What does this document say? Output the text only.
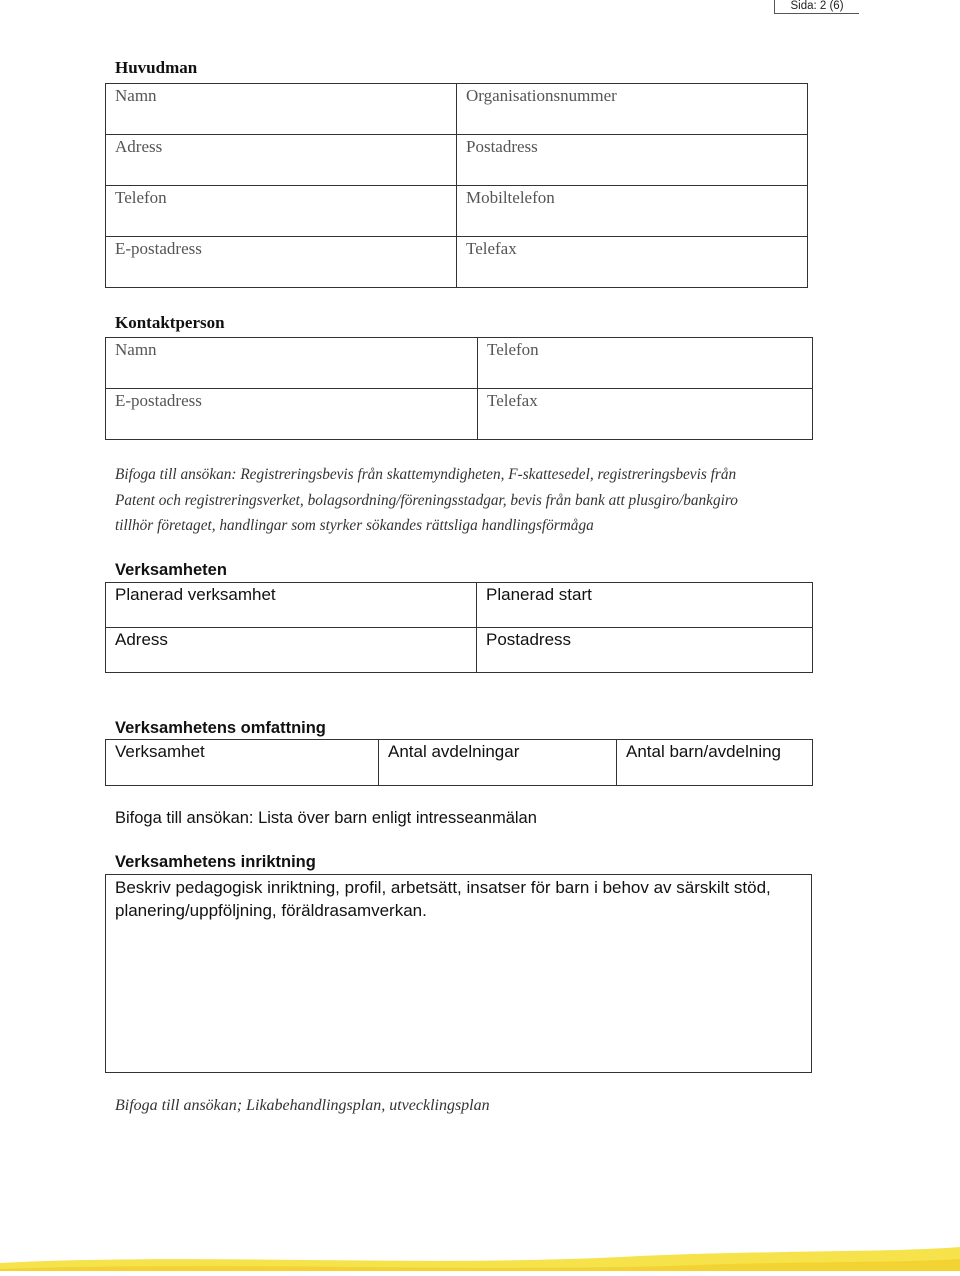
Sida: 2 (6)
Huvudman
Namn	Organisationsnummer
Adress	Postadress
Telefon	Mobiltelefon
E-postadress	Telefax
Kontaktperson
Namn	Telefon
E-postadress	Telefax
Bifoga till ansökan: Registreringsbevis från skattemyndigheten, F-skattesedel, registreringsbevis från
Patent och registreringsverket, bolagsordning/föreningsstadgar, bevis från bank att plusgiro/bankgiro
tillhör företaget, handlingar som styrker sökandes rättsliga handlingsförmåga
Verksamheten
Planerad verksamhet	Planerad start
Adress	Postadress
Verksamhetens omfattning
Verksamhet	Antal avdelningar	Antal barn/avdelning
Bifoga till ansökan: Lista över barn enligt intresseanmälan
Verksamhetens inriktning
Beskriv pedagogisk inriktning, profil, arbetsätt, insatser för barn i behov av särskilt stöd,
planering/uppföljning, föräldrasamverkan.
Bifoga till ansökan; Likabehandlingsplan, utvecklingsplan
